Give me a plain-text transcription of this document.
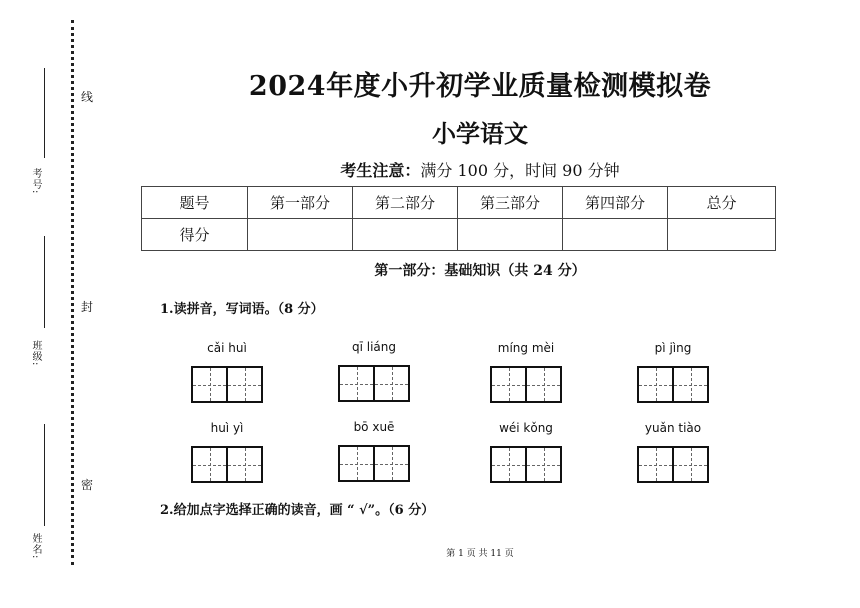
线
封
密
考号:
班级:
姓名:
2024年度小升初学业质量检测模拟卷
小学语文
考生注意：满分 100 分，时间 90 分钟
题号	第一部分	第二部分	第三部分	第四部分	总分
得分					
第一部分：基础知识（共 24 分）
1.读拼音，写词语。（8 分）
cǎi huì	qī liáng	míng mèi	pì jìng
huì yì	bō xuē	wéi kǒng	yuǎn tiào
2.给加点字选择正确的读音，画 “ √”。（6 分）
第 1 页 共 11 页
